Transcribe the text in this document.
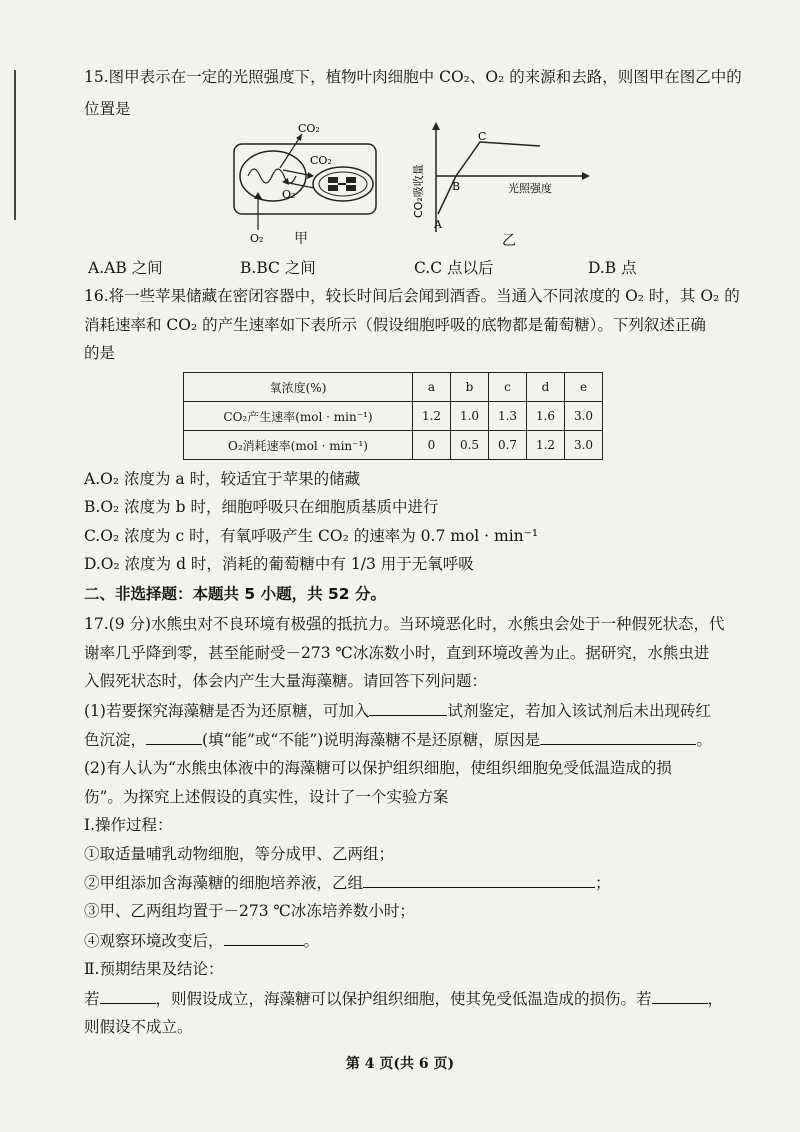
15.图甲表示在一定的光照强度下，植物叶肉细胞中 CO₂、O₂ 的来源和去路，则图甲在图乙中的
位置是
CO₂
CO₂
O₂
O₂ 甲
CO₂吸收量	光照强度
A
B
C
乙
A.AB 之间	B.BC 之间	C.C 点以后	D.B 点
16.将一些苹果储藏在密闭容器中，较长时间后会闻到酒香。当通入不同浓度的 O₂ 时，其 O₂ 的
消耗速率和 CO₂ 的产生速率如下表所示（假设细胞呼吸的底物都是葡萄糖）。下列叙述正确
的是
氧浓度(%)	a	b	c	d	e
CO₂产生速率(mol · min⁻¹)	1.2	1.0	1.3	1.6	3.0
O₂消耗速率(mol · min⁻¹)	0	0.5	0.7	1.2	3.0
A.O₂ 浓度为 a 时，较适宜于苹果的储藏
B.O₂ 浓度为 b 时，细胞呼吸只在细胞质基质中进行
C.O₂ 浓度为 c 时，有氧呼吸产生 CO₂ 的速率为 0.7 mol · min⁻¹
D.O₂ 浓度为 d 时，消耗的葡萄糖中有 1/3 用于无氧呼吸
二、非选择题：本题共 5 小题，共 52 分。
17.(9 分)水熊虫对不良环境有极强的抵抗力。当环境恶化时，水熊虫会处于一种假死状态，代
谢率几乎降到零，甚至能耐受－273 ℃冰冻数小时，直到环境改善为止。据研究，水熊虫进
入假死状态时，体会内产生大量海藻糖。请回答下列问题：
(1)若要探究海藻糖是否为还原糖，可加入	试剂鉴定，若加入该试剂后未出现砖红
色沉淀，	(填“能”或“不能”)说明海藻糖不是还原糖，原因是	。
(2)有人认为“水熊虫体液中的海藻糖可以保护组织细胞，使组织细胞免受低温造成的损
伤”。为探究上述假设的真实性，设计了一个实验方案
Ⅰ.操作过程：
①取适量哺乳动物细胞，等分成甲、乙两组；
②甲组添加含海藻糖的细胞培养液，乙组	；
③甲、乙两组均置于－273 ℃冰冻培养数小时；
④观察环境改变后，	。
Ⅱ.预期结果及结论：
若	，则假设成立，海藻糖可以保护组织细胞，使其免受低温造成的损伤。若	，
则假设不成立。
第 4 页(共 6 页)
